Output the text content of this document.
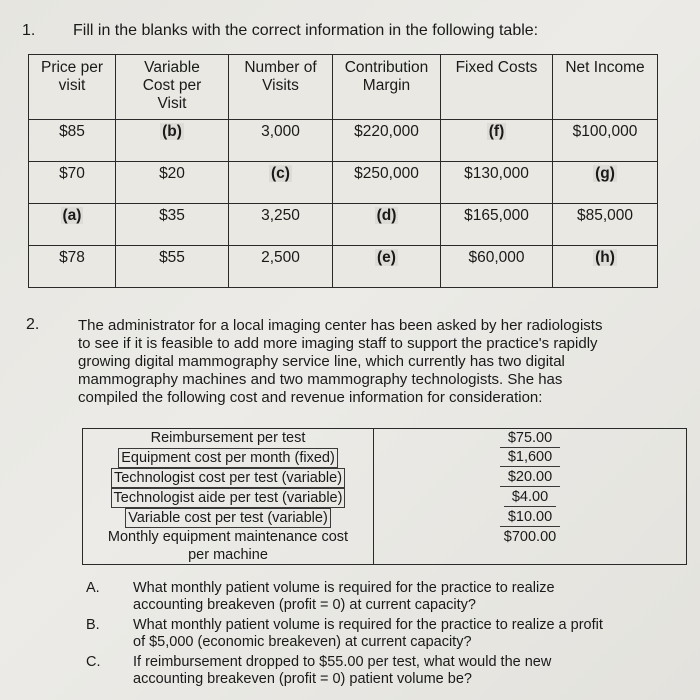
1. Fill in the blanks with the correct information in the following table:
Price per
visit	Variable
Cost per
Visit	Number of
Visits	Contribution
Margin	Fixed Costs	Net Income
$85	(b)	3,000	$220,000	(f)	$100,000
$70	$20	(c)	$250,000	$130,000	(g)
(a)	$35	3,250	(d)	$165,000	$85,000
$78	$55	2,500	(e)	$60,000	(h)
2.	The administrator for a local imaging center has been asked by her radiologists
to see if it is feasible to add more imaging staff to support the practice's rapidly
growing digital mammography service line, which currently has two digital
mammography machines and two mammography technologists. She has
compiled the following cost and revenue information for consideration:
Reimbursement per test	$75.00
Equipment cost per month (fixed)	$1,600
Technologist cost per test (variable)	$20.00
Technologist aide per test (variable)	$4.00
Variable cost per test (variable)	$10.00
Monthly equipment maintenance cost	$700.00
per machine	
A. What monthly patient volume is required for the practice to realize
accounting breakeven (profit = 0) at current capacity?
B. What monthly patient volume is required for the practice to realize a profit
of $5,000 (economic breakeven) at current capacity?
C. If reimbursement dropped to $55.00 per test, what would the new
accounting breakeven (profit = 0) patient volume be?
